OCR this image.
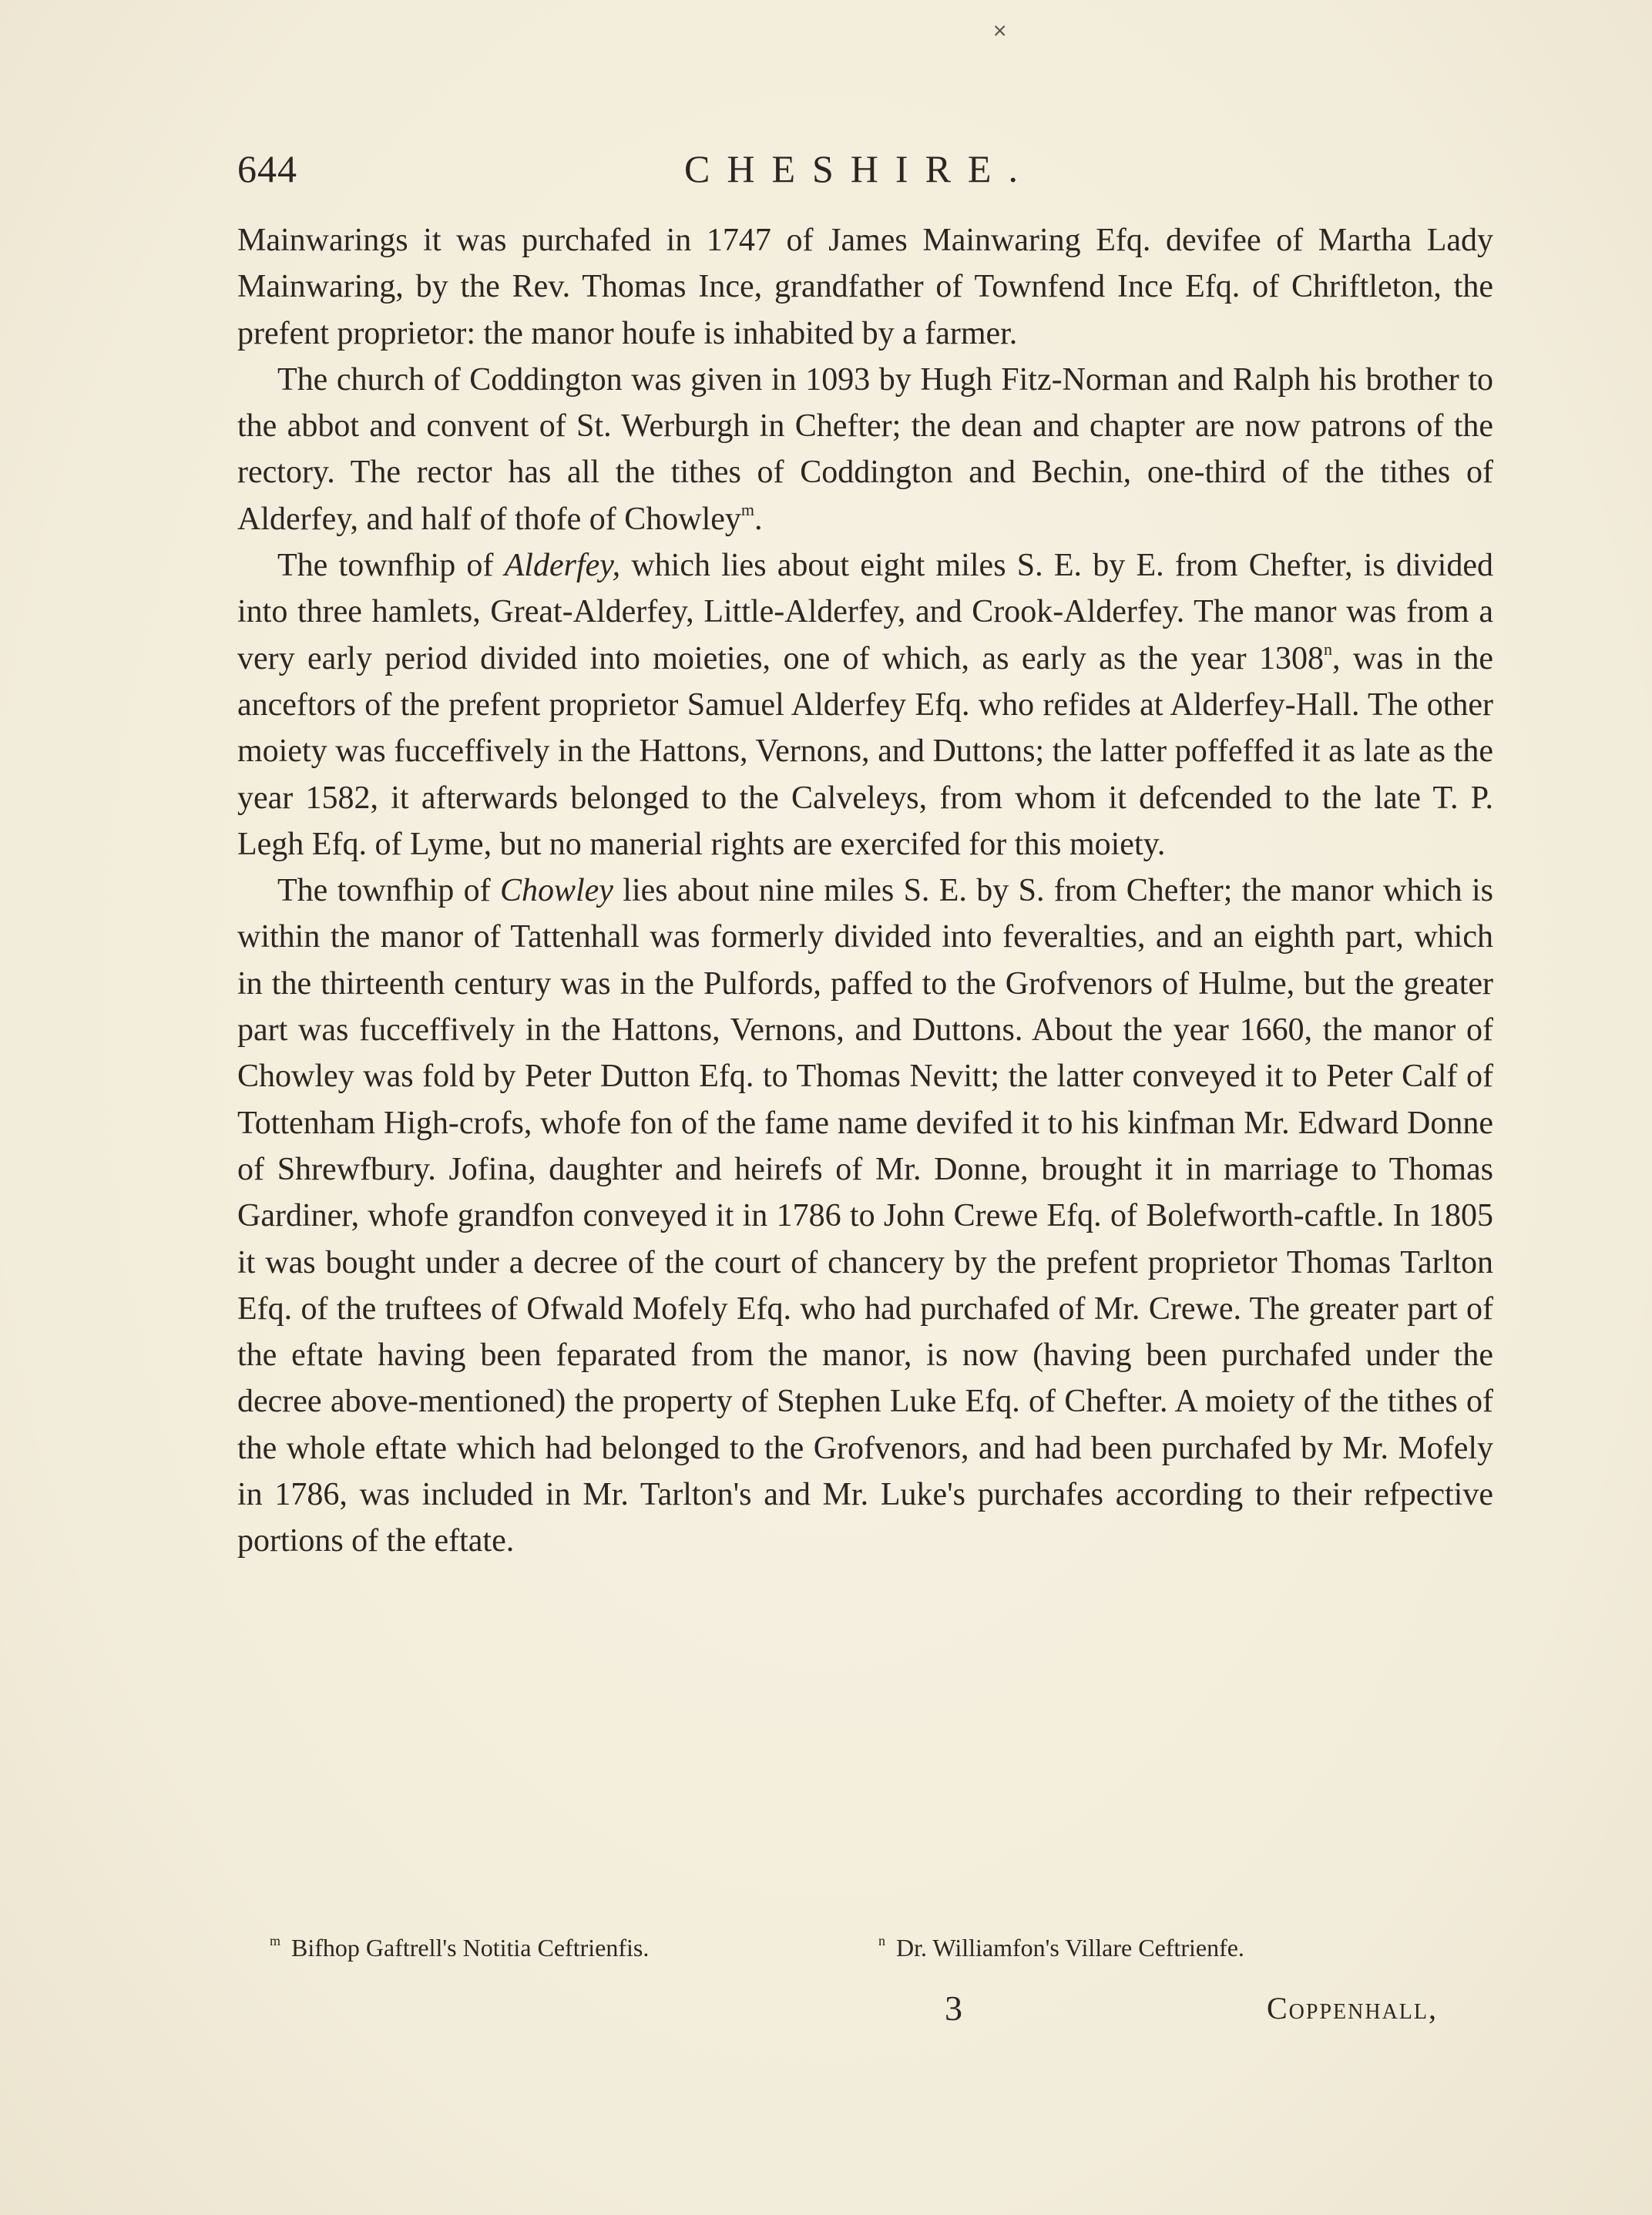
˟
644	CHESHIRE.

Mainwarings it was purchafed in 1747 of James Mainwaring Efq. devifee of Martha Lady Mainwaring, by the Rev. Thomas Ince, grandfather of Townfend Ince Efq. of Chriftleton, the prefent proprietor: the manor houfe is inhabited by a farmer.

The church of Coddington was given in 1093 by Hugh Fitz-Norman and Ralph his brother to the abbot and convent of St. Werburgh in Chefter; the dean and chapter are now patrons of the rectory. The rector has all the tithes of Coddington and Bechin, one-third of the tithes of Alderfey, and half of thofe of Chowley$^m$.

The townfhip of Alderfey, which lies about eight miles S. E. by E. from Chefter, is divided into three hamlets, Great-Alderfey, Little-Alderfey, and Crook-Alderfey. The manor was from a very early period divided into moieties, one of which, as early as the year 1308$^n$, was in the anceftors of the prefent proprietor Samuel Alderfey Efq. who refides at Alderfey-Hall. The other moiety was fucceffively in the Hattons, Vernons, and Duttons; the latter poffeffed it as late as the year 1582, it afterwards belonged to the Calveleys, from whom it defcended to the late T. P. Legh Efq. of Lyme, but no manerial rights are exercifed for this moiety.

The townfhip of Chowley lies about nine miles S. E. by S. from Chefter; the manor which is within the manor of Tattenhall was formerly divided into feveralties, and an eighth part, which in the thirteenth century was in the Pulfords, paffed to the Grofvenors of Hulme, but the greater part was fucceffively in the Hattons, Vernons, and Duttons. About the year 1660, the manor of Chowley was fold by Peter Dutton Efq. to Thomas Nevitt; the latter conveyed it to Peter Calf of Tottenham High-crofs, whofe fon of the fame name devifed it to his kinfman Mr. Edward Donne of Shrewfbury. Jofina, daughter and heirefs of Mr. Donne, brought it in marriage to Thomas Gardiner, whofe grandfon conveyed it in 1786 to John Crewe Efq. of Bolefworth-caftle. In 1805 it was bought under a decree of the court of chancery by the prefent proprietor Thomas Tarlton Efq. of the truftees of Ofwald Mofely Efq. who had purchafed of Mr. Crewe. The greater part of the eftate having been feparated from the manor, is now (having been purchafed under the decree above-mentioned) the property of Stephen Luke Efq. of Chefter. A moiety of the tithes of the whole eftate which had belonged to the Grofvenors, and had been purchafed by Mr. Mofely in 1786, was included in Mr. Tarlton's and Mr. Luke's purchafes according to their refpective portions of the eftate.

$^m$ Bifhop Gaftrell's Notitia Ceftrienfis.	$^n$ Dr. Williamfon's Villare Ceftrienfe.
3	Coppenhall,
